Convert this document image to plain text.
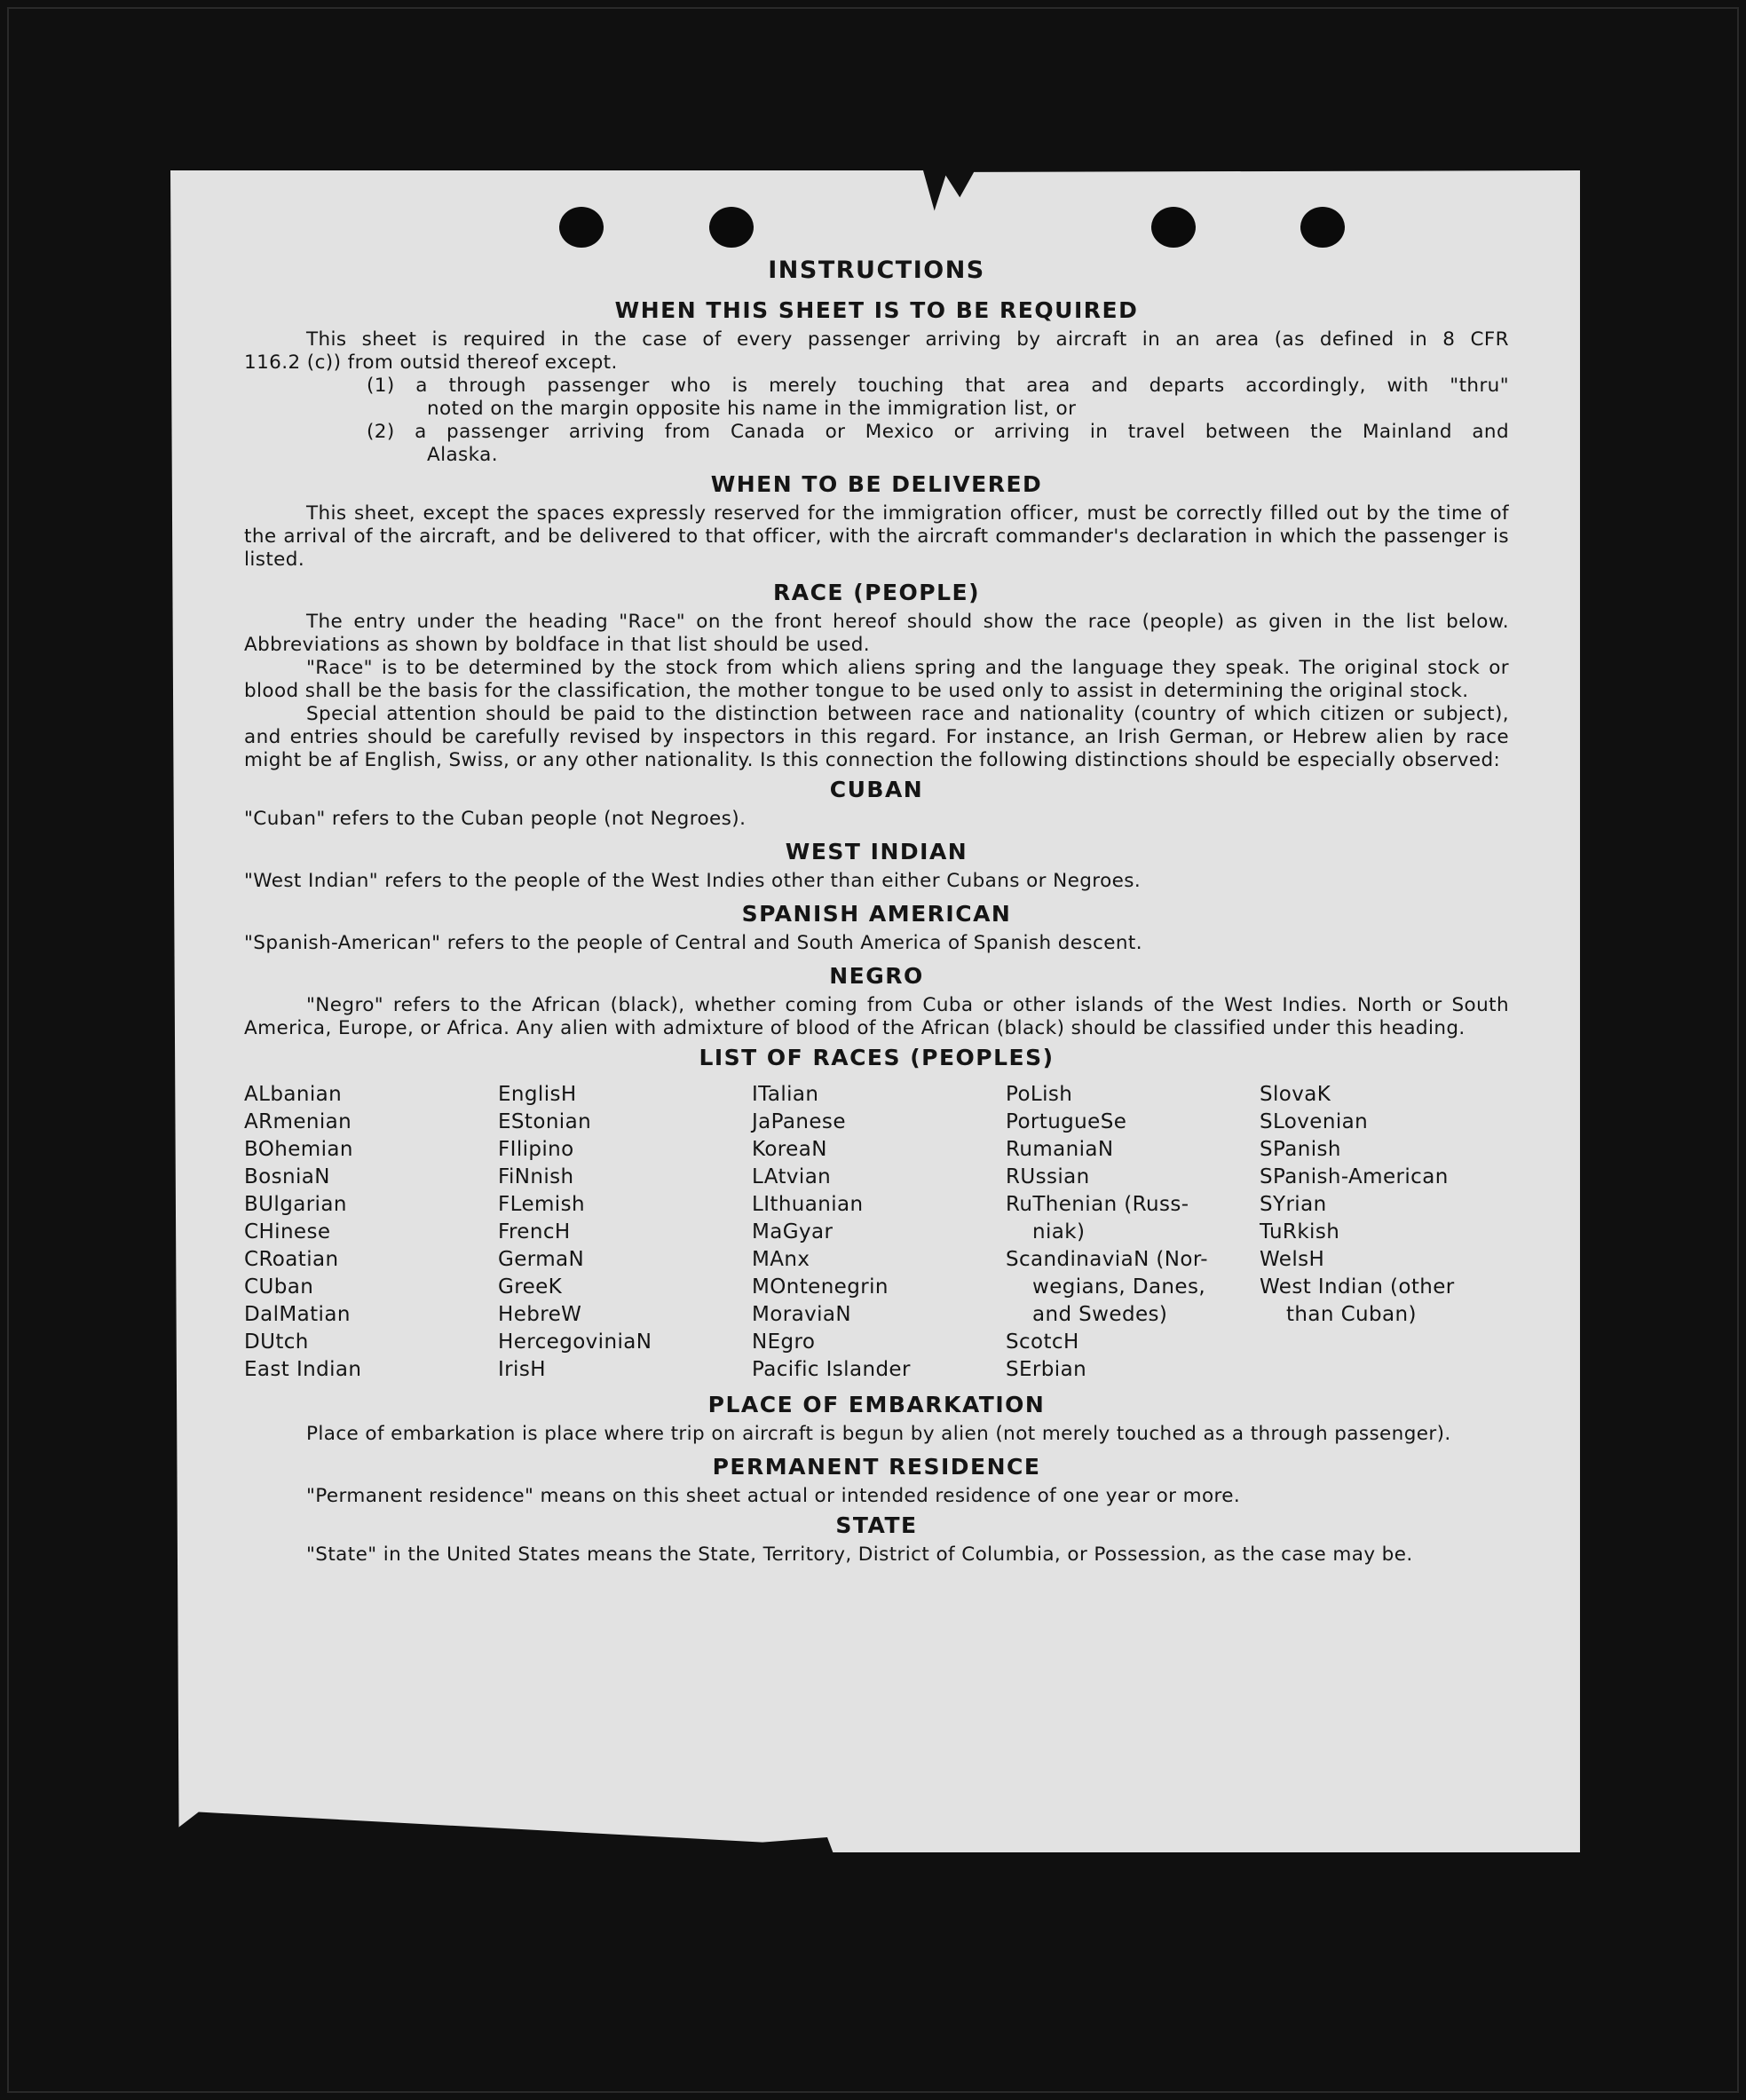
INSTRUCTIONS
WHEN THIS SHEET IS TO BE REQUIRED

This sheet is required in the case of every passenger arriving by aircraft in an area (as defined in 8 CFR

116.2 (c)) from outsid thereof except.

(1) a through passenger who is merely touching that area and departs accordingly, with "thru"

noted on the margin opposite his name in the immigration list, or

(2) a passenger arriving from Canada or Mexico or arriving in travel between the Mainland and

Alaska.

WHEN TO BE DELIVERED

This sheet, except the spaces expressly reserved for the immigration officer, must be correctly filled out by the time of the arrival of the aircraft, and be delivered to that officer, with the aircraft commander's declaration in which the passenger is listed.

RACE (PEOPLE)

The entry under the heading "Race" on the front hereof should show the race (people) as given in the list below. Abbreviations as shown by boldface in that list should be used.

"Race" is to be determined by the stock from which aliens spring and the language they speak. The original stock or blood shall be the basis for the classification, the mother tongue to be used only to assist in determining the original stock.

Special attention should be paid to the distinction between race and nationality (country of which citizen or subject), and entries should be carefully revised by inspectors in this regard. For instance, an Irish German, or Hebrew alien by race might be af English, Swiss, or any other nationality. Is this connection the following distinctions should be especially observed:

CUBAN

"Cuban" refers to the Cuban people (not Negroes).

WEST INDIAN

"West Indian" refers to the people of the West Indies other than either Cubans or Negroes.

SPANISH AMERICAN

"Spanish-American" refers to the people of Central and South America of Spanish descent.

NEGRO

"Negro" refers to the African (black), whether coming from Cuba or other islands of the West Indies. North or South America, Europe, or Africa. Any alien with admixture of blood of the African (black) should be classified under this heading.

LIST OF RACES (PEOPLES)
ALbanian
ARmenian
BOhemian
BosniaN
BUlgarian
CHinese
CRoatian
CUban
DalMatian
DUtch
East Indian
EnglisH
EStonian
FIlipino
FiNnish
FLemish
FrencH
GermaN
GreeK
HebreW
HercegoviniaN
IrisH
ITalian
JaPanese
KoreaN
LAtvian
LIthuanian
MaGyar
MAnx
MOntenegrin
MoraviaN
NEgro
Pacific Islander
PoLish
PortugueSe
RumaniaN
RUssian
RuThenian (Russ-
niak)
ScandinaviaN (Nor-
wegians, Danes,
and Swedes)
ScotcH
SErbian
SlovaK
SLovenian
SPanish
SPanish-American
SYrian
TuRkish
WelsH
West Indian (other
than Cuban)
PLACE OF EMBARKATION

Place of embarkation is place where trip on aircraft is begun by alien (not merely touched as a through passenger).

PERMANENT RESIDENCE

"Permanent residence" means on this sheet actual or intended residence of one year or more.

STATE

"State" in the United States means the State, Territory, District of Columbia, or Possession, as the case may be.
